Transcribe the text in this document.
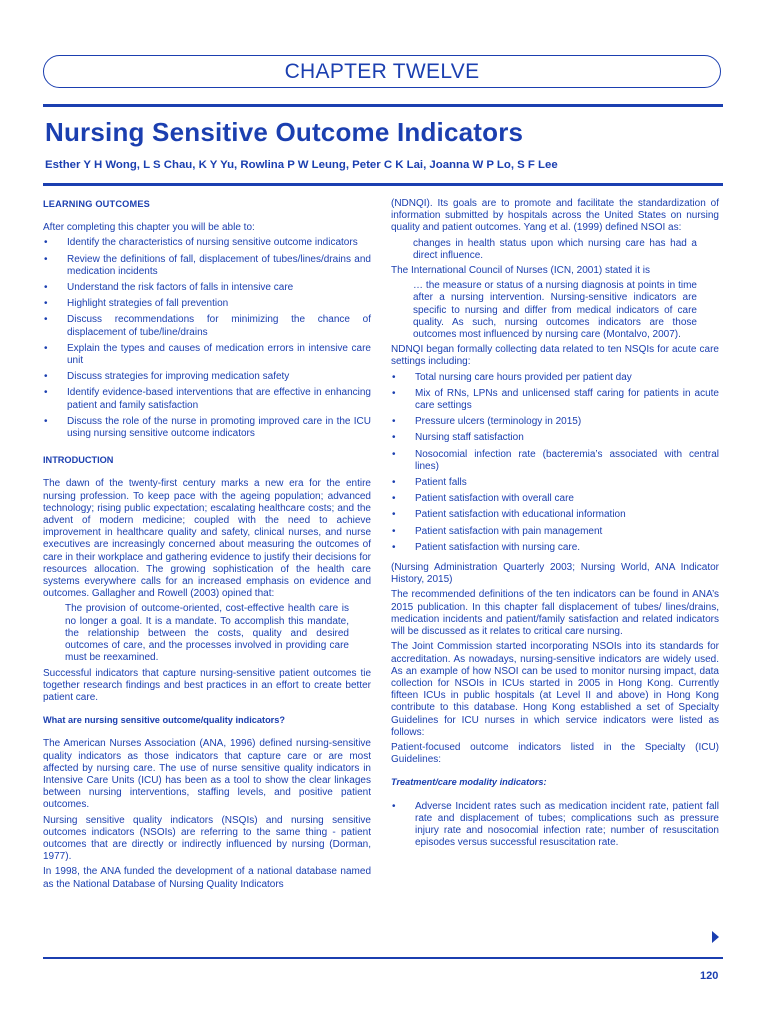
CHAPTER TWELVE
Nursing Sensitive Outcome Indicators
Esther Y H Wong, L S Chau, K Y Yu, Rowlina P W Leung, Peter C K Lai, Joanna W P Lo, S F Lee
LEARNING OUTCOMES

After completing this chapter you will be able to:

• Identify the characteristics of nursing sensitive outcome indicators
• Review the definitions of fall, displacement of tubes/lines/drains and medication incidents
• Understand the risk factors of falls in intensive care
• Highlight strategies of fall prevention
• Discuss recommendations for minimizing the chance of displacement of tube/line/drains
• Explain the types and causes of medication errors in intensive care unit
• Discuss strategies for improving medication safety
• Identify evidence-based interventions that are effective in enhancing patient and family satisfaction
• Discuss the role of the nurse in promoting improved care in the ICU using nursing sensitive outcome indicators
INTRODUCTION

The dawn of the twenty-first century marks a new era for the entire nursing profession. To keep pace with the ageing population; advanced technology; rising public expectation; escalating healthcare costs; and the advent of modern medicine; coupled with the need to achieve improvement in healthcare quality and safety, clinical nurses, and nurse executives are increasingly concerned about measuring the outcomes of care in their workplace and gathering evidence to justify their decisions for resources allocation. The growing sophistication of the health care systems everywhere calls for an increased emphasis on evidence and outcomes. Gallagher and Rowell (2003) opined that:

The provision of outcome-oriented, cost-effective health care is no longer a goal. It is a mandate. To accomplish this mandate, the relationship between the costs, quality and desired outcomes of care, and the processes involved in providing care must be reexamined.

Successful indicators that capture nursing-sensitive patient outcomes tie together research findings and best practices in an effort to create better patient care.

What are nursing sensitive outcome/quality indicators?

The American Nurses Association (ANA, 1996) defined nursing-sensitive quality indicators as those indicators that capture care or are most affected by nursing care. The use of nurse sensitive quality indicators in Intensive Care Units (ICU) has been as a tool to show the clear linkages between nursing interventions, staffing levels, and positive patient outcomes.

Nursing sensitive quality indicators (NSQIs) and nursing sensitive outcomes indicators (NSOIs) are referring to the same thing - patient outcomes that are directly or indirectly influenced by nursing (Dorman, 1977).

In 1998, the ANA funded the development of a national database named as the National Database of Nursing Quality Indicators

(NDNQI). Its goals are to promote and facilitate the standardization of information submitted by hospitals across the United States on nursing quality and patient outcomes. Yang et al. (1999) defined NSOI as:

changes in health status upon which nursing care has had a direct influence.

The International Council of Nurses (ICN, 2001) stated it is

… the measure or status of a nursing diagnosis at points in time after a nursing intervention. Nursing-sensitive indicators are specific to nursing and differ from medical indicators of care quality. As such, nursing outcomes indicators are those outcomes most influenced by nursing care (Montalvo, 2007).

NDNQI began formally collecting data related to ten NSQIs for acute care settings including:

• Total nursing care hours provided per patient day
• Mix of RNs, LPNs and unlicensed staff caring for patients in acute care settings
• Pressure ulcers (terminology in 2015)
• Nursing staff satisfaction
• Nosocomial infection rate (bacteremia’s associated with central lines)
• Patient falls
• Patient satisfaction with overall care
• Patient satisfaction with educational information
• Patient satisfaction with pain management
• Patient satisfaction with nursing care.

(Nursing Administration Quarterly 2003; Nursing World, ANA Indicator History, 2015)

The recommended definitions of the ten indicators can be found in ANA’s 2015 publication. In this chapter fall displacement of tubes/ lines/drains, medication incidents and patient/family satisfaction and related indicators will be discussed as it relates to critical care nursing.

The Joint Commission started incorporating NSOIs into its standards for accreditation. As nowadays, nursing-sensitive indicators are widely used. As an example of how NSOI can be used to monitor nursing impact, data collection for NSOIs in ICUs started in 2005 in Hong Kong. Currently fifteen ICUs in public hospitals (at Level II and above) in Hong Kong contribute to this database. Hong Kong established a set of Specialty Guidelines for ICU nurses in which service indicators were listed as follows:

Patient-focused outcome indicators listed in the Specialty (ICU) Guidelines:

Treatment/care modality indicators:
• Adverse Incident rates such as medication incident rate, patient fall rate and displacement of tubes; complications such as pressure injury rate and nosocomial infection rate; number of resuscitation episodes versus successful resuscitation rate.
120
